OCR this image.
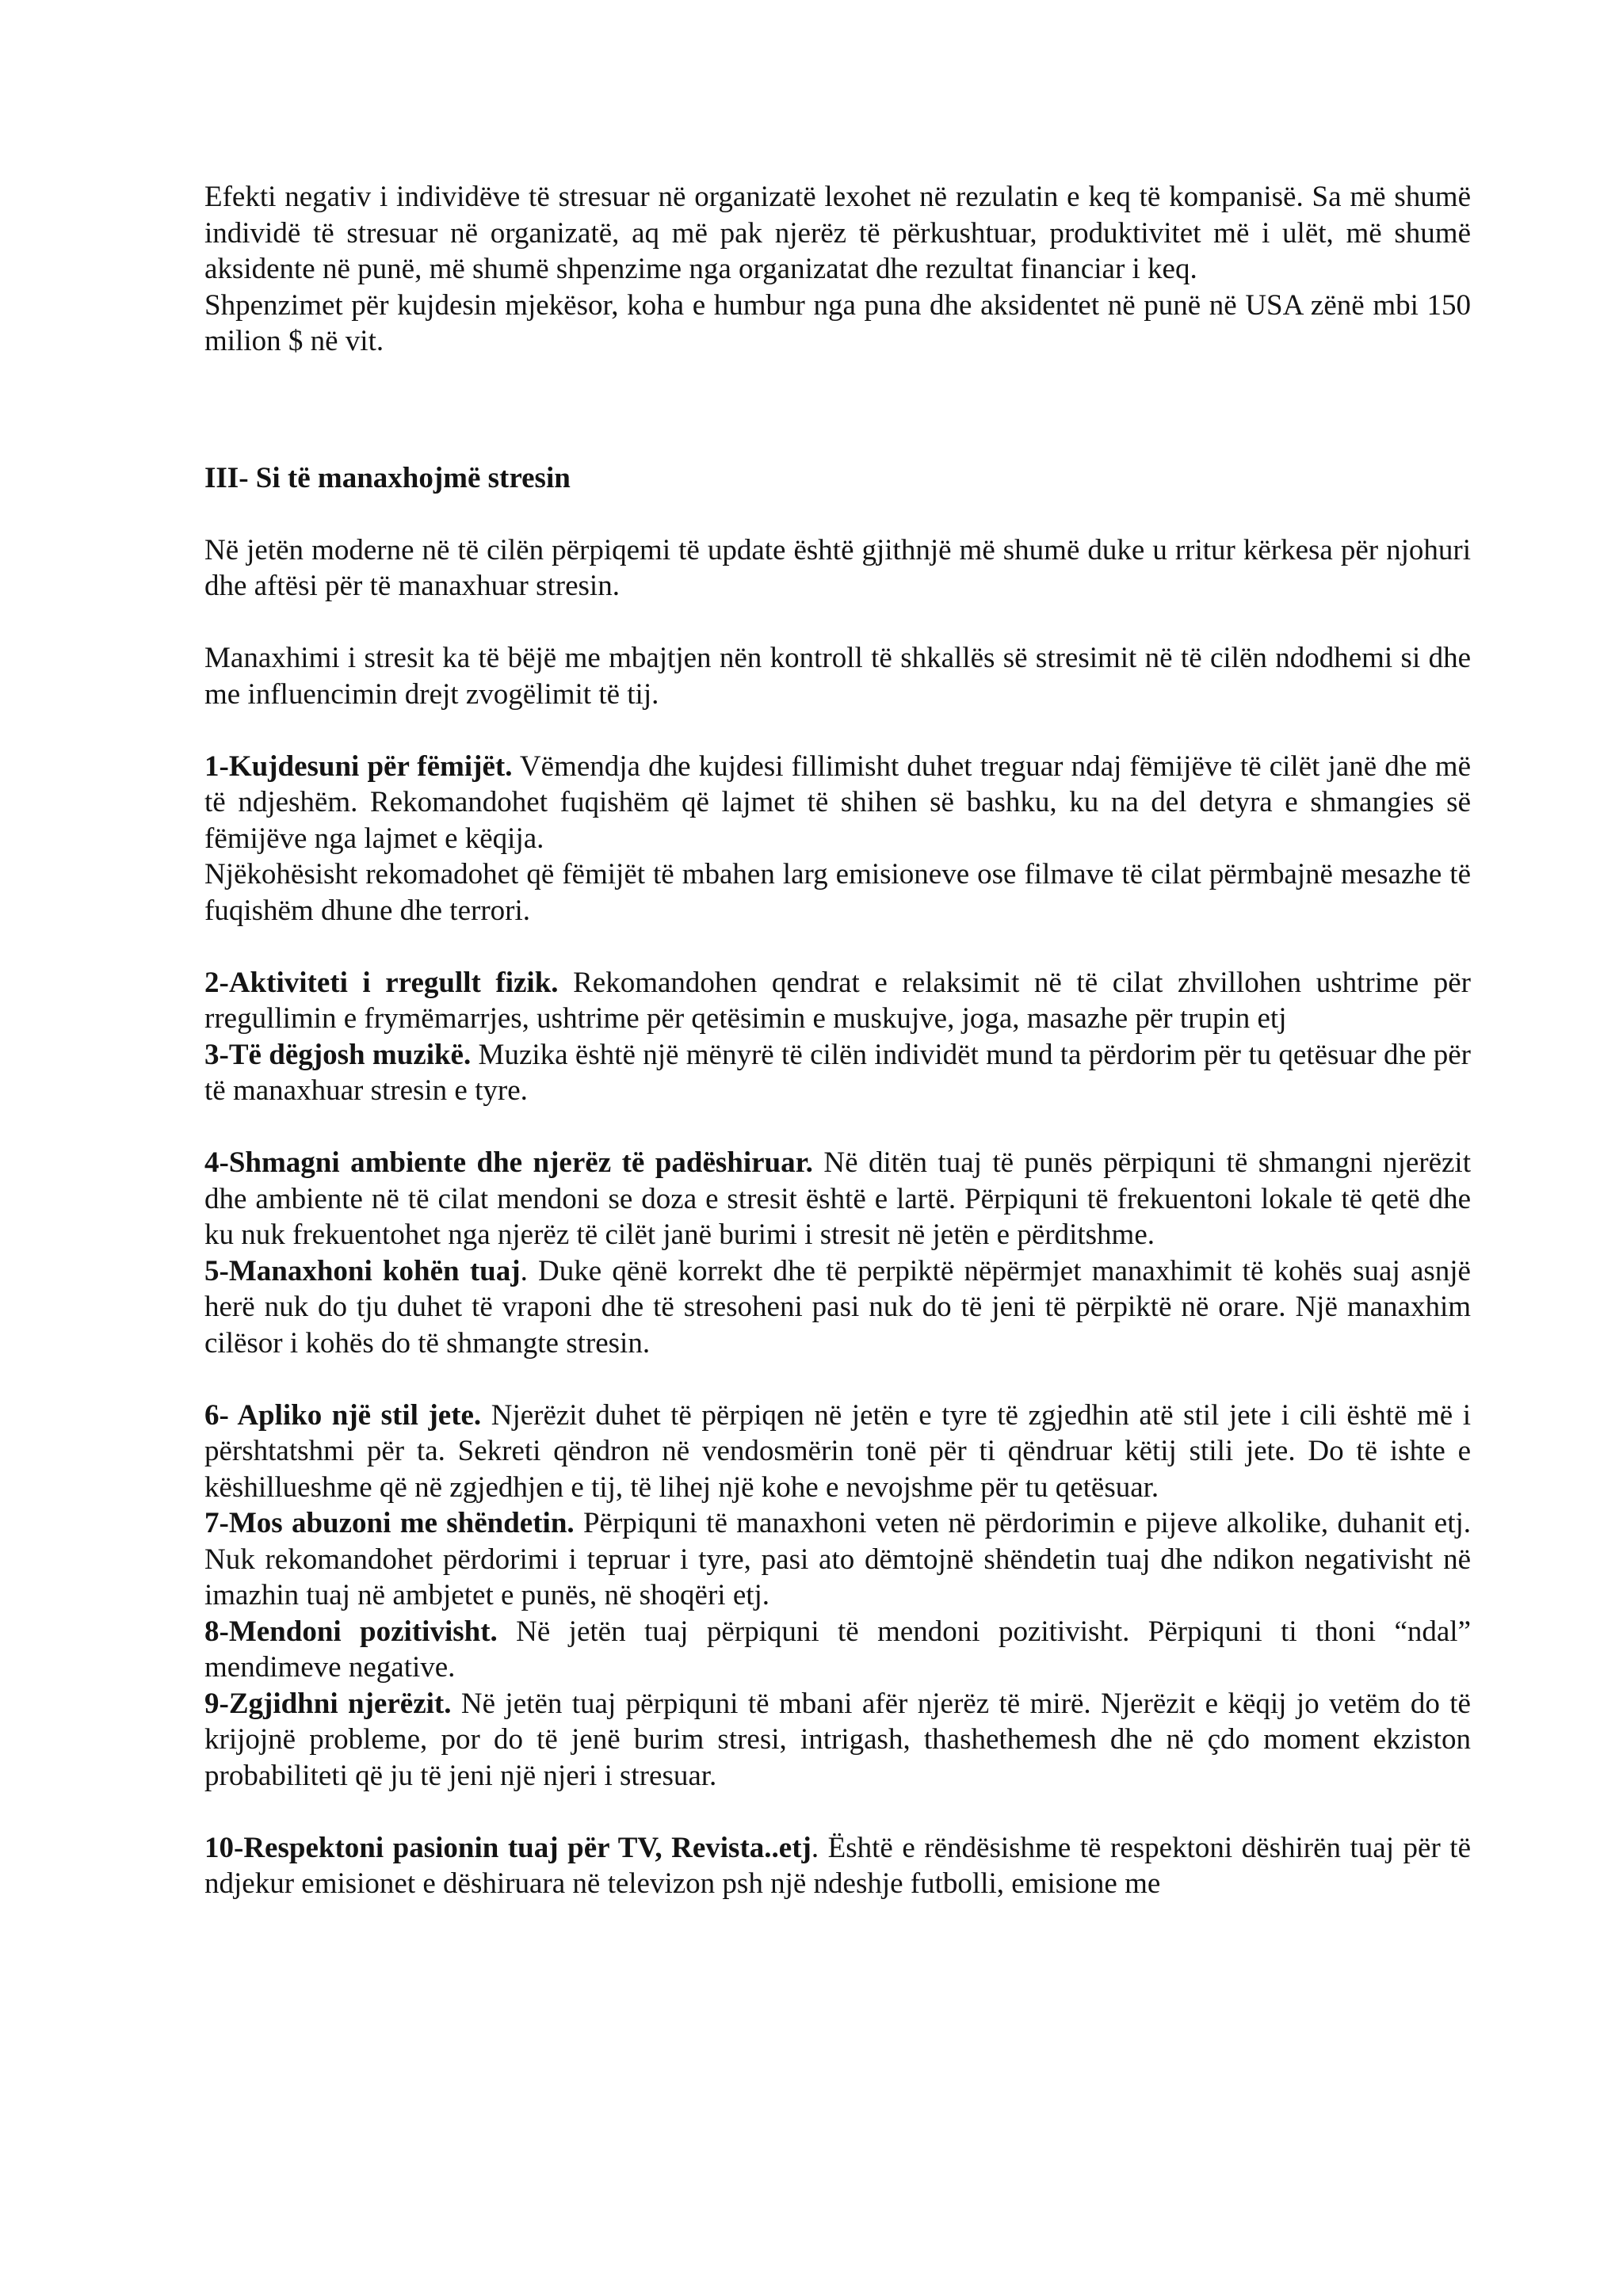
Efekti negativ i individëve të stresuar në organizatë lexohet në rezulatin e keq të kompanisë. Sa më shumë individë të stresuar në organizatë, aq më pak njerëz të përkushtuar, produktivitet më i ulët, më shumë aksidente në punë, më shumë shpenzime nga organizatat dhe rezultat financiar i keq.

Shpenzimet për kujdesin mjekësor, koha e humbur nga puna dhe aksidentet në punë në USA zënë mbi 150 milion $ në vit.

III- Si të manaxhojmë stresin

Në jetën moderne në të cilën përpiqemi të update është gjithnjë më shumë duke u rritur kërkesa për njohuri dhe aftësi për të manaxhuar stresin.

Manaxhimi i stresit ka të bëjë me mbajtjen nën kontroll të shkallës së stresimit në të cilën ndodhemi si dhe me influencimin drejt zvogëlimit të tij.

1-Kujdesuni për fëmijët. Vëmendja dhe kujdesi fillimisht duhet treguar ndaj fëmijëve të cilët janë dhe më të ndjeshëm. Rekomandohet fuqishëm që lajmet të shihen së bashku, ku na del detyra e shmangies së fëmijëve nga lajmet e këqija.

Njëkohësisht rekomadohet që fëmijët të mbahen larg emisioneve ose filmave të cilat përmbajnë mesazhe të fuqishëm dhune dhe terrori.

2-Aktiviteti i rregullt fizik. Rekomandohen qendrat e relaksimit në të cilat zhvillohen ushtrime për rregullimin e frymëmarrjes, ushtrime për qetësimin e muskujve, joga, masazhe për trupin etj

3-Të dëgjosh muzikë. Muzika është një mënyrë të cilën individët mund ta përdorim për tu qetësuar dhe për të manaxhuar stresin e tyre.

4-Shmagni ambiente dhe njerëz të padëshiruar. Në ditën tuaj të punës përpiquni të shmangni njerëzit dhe ambiente në të cilat mendoni se doza e stresit është e lartë. Përpiquni të frekuentoni lokale të qetë dhe ku nuk frekuentohet nga njerëz të cilët janë burimi i stresit në jetën e përditshme.

5-Manaxhoni kohën tuaj. Duke qënë korrekt dhe të perpiktë nëpërmjet manaxhimit të kohës suaj asnjë herë nuk do tju duhet të vraponi dhe të stresoheni pasi nuk do të jeni të përpiktë në orare. Një manaxhim cilësor i kohës do të shmangte stresin.

6- Apliko një stil jete. Njerëzit duhet të përpiqen në jetën e tyre të zgjedhin atë stil jete i cili është më i përshtatshmi për ta. Sekreti qëndron në vendosmërin tonë për ti qëndruar këtij stili jete. Do të ishte e këshillueshme që në zgjedhjen e tij, të lihej një kohe e nevojshme për tu qetësuar.

7-Mos abuzoni me shëndetin. Përpiquni të manaxhoni veten në përdorimin e pijeve alkolike, duhanit etj. Nuk rekomandohet përdorimi i tepruar i tyre, pasi ato dëmtojnë shëndetin tuaj dhe ndikon negativisht në imazhin tuaj në ambjetet e punës, në shoqëri etj.

8-Mendoni pozitivisht. Në jetën tuaj përpiquni të mendoni pozitivisht. Përpiquni ti thoni “ndal” mendimeve negative.

9-Zgjidhni njerëzit. Në jetën tuaj përpiquni të mbani afër njerëz të mirë. Njerëzit e këqij jo vetëm do të krijojnë probleme, por do të jenë burim stresi, intrigash, thashethemesh dhe në çdo moment ekziston probabiliteti që ju të jeni një njeri i stresuar.

10-Respektoni pasionin tuaj për TV, Revista..etj. Është e rëndësishme të respektoni dëshirën tuaj për të ndjekur emisionet e dëshiruara në televizon psh një ndeshje futbolli, emisione me
